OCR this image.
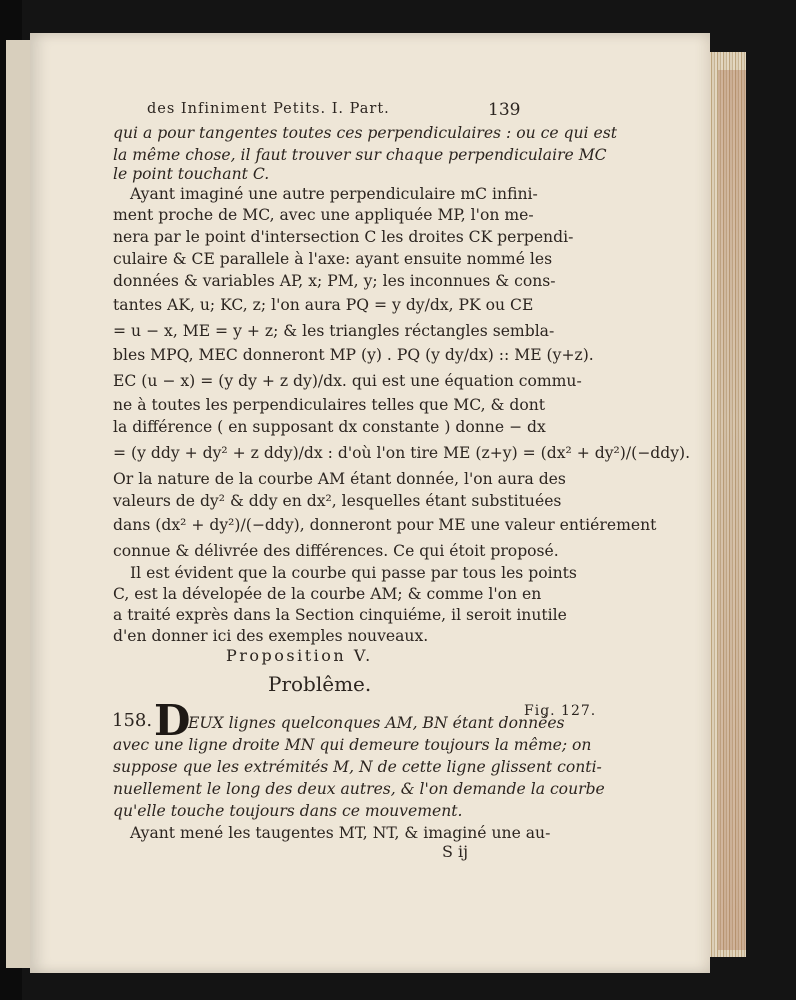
des Infiniment Petits. I. Part.	139
qui a pour tangentes toutes ces perpendiculaires : ou ce qui est
la même chose, il faut trouver sur chaque perpendiculaire MC
le point touchant C.
Ayant imaginé une autre perpendiculaire mC infini-
ment proche de MC, avec une appliquée MP, l'on me-
nera par le point d'intersection C les droites CK perpendi-
culaire & CE parallele à l'axe: ayant ensuite nommé les
données & variables AP, x; PM, y; les inconnues & cons-
tantes AK, u; KC, z; l'on aura PQ = y dy/dx, PK ou CE
= u − x, ME = y + z; & les triangles réctangles sembla-
bles MPQ, MEC donneront MP (y) . PQ (y dy/dx) :: ME (y+z).
EC (u − x) = (y dy + z dy)/dx. qui est une équation commu-
ne à toutes les perpendiculaires telles que MC, & dont
la différence ( en supposant dx constante ) donne − dx
= (y ddy + dy² + z ddy)/dx : d'où l'on tire ME (z+y) = (dx² + dy²)/(−ddy).
Or la nature de la courbe AM étant donnée, l'on aura des
valeurs de dy² & ddy en dx², lesquelles étant substituées
dans (dx² + dy²)/(−ddy), donneront pour ME une valeur entiérement
connue & délivrée des différences. Ce qui étoit proposé.
Il est évident que la courbe qui passe par tous les points
C, est la dévelopée de la courbe AM; & comme l'on en
a traité exprès dans la Section cinquiéme, il seroit inutile
d'en donner ici des exemples nouveaux.
Proposition V.
Problême.
158. D
EUX lignes quelconques AM, BN étant données
avec une ligne droite MN qui demeure toujours la même; on
suppose que les extrémités M, N de cette ligne glissent conti-
nuellement le long des deux autres, & l'on demande la courbe
qu'elle touche toujours dans ce mouvement.
Ayant mené les taugentes MT, NT, & imaginé une au-
Fig. 127.
S ij
